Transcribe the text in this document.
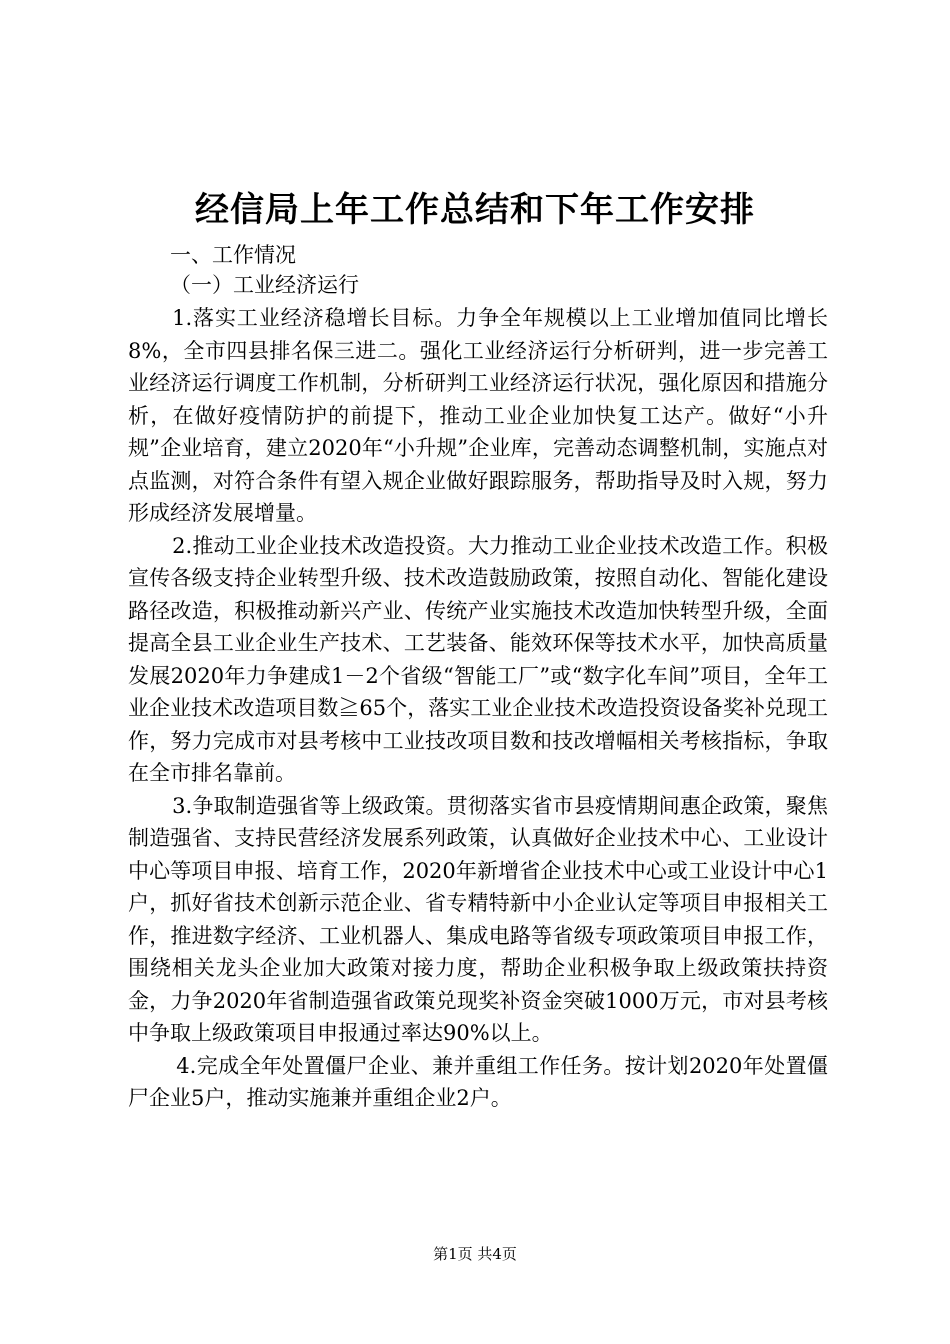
经信局上年工作总结和下年工作安排
一、工作情况
（一）工业经济运行

1.落实工业经济稳增长目标。力争全年规模以上工业增加值同比增长8%，全市四县排名保三进二。强化工业经济运行分析研判，进一步完善工业经济运行调度工作机制，分析研判工业经济运行状况，强化原因和措施分析，在做好疫情防护的前提下，推动工业企业加快复工达产。做好“小升规”企业培育，建立2020年“小升规”企业库，完善动态调整机制，实施点对点监测，对符合条件有望入规企业做好跟踪服务，帮助指导及时入规，努力形成经济发展增量。

2.推动工业企业技术改造投资。大力推动工业企业技术改造工作。积极宣传各级支持企业转型升级、技术改造鼓励政策，按照自动化、智能化建设路径改造，积极推动新兴产业、传统产业实施技术改造加快转型升级，全面提高全县工业企业生产技术、工艺装备、能效环保等技术水平，加快高质量发展2020年力争建成1－2个省级“智能工厂”或“数字化车间”项目，全年工业企业技术改造项目数≧65个，落实工业企业技术改造投资设备奖补兑现工作，努力完成市对县考核中工业技改项目数和技改增幅相关考核指标，争取在全市排名靠前。

3.争取制造强省等上级政策。贯彻落实省市县疫情期间惠企政策，聚焦制造强省、支持民营经济发展系列政策，认真做好企业技术中心、工业设计中心等项目申报、培育工作，2020年新增省企业技术中心或工业设计中心1户，抓好省技术创新示范企业、省专精特新中小企业认定等项目申报相关工作，推进数字经济、工业机器人、集成电路等省级专项政策项目申报工作，围绕相关龙头企业加大政策对接力度，帮助企业积极争取上级政策扶持资金，力争2020年省制造强省政策兑现奖补资金突破1000万元，市对县考核中争取上级政策项目申报通过率达90%以上。

4.完成全年处置僵尸企业、兼并重组工作任务。按计划2020年处置僵尸企业5户，推动实施兼并重组企业2户。

第1页 共4页
